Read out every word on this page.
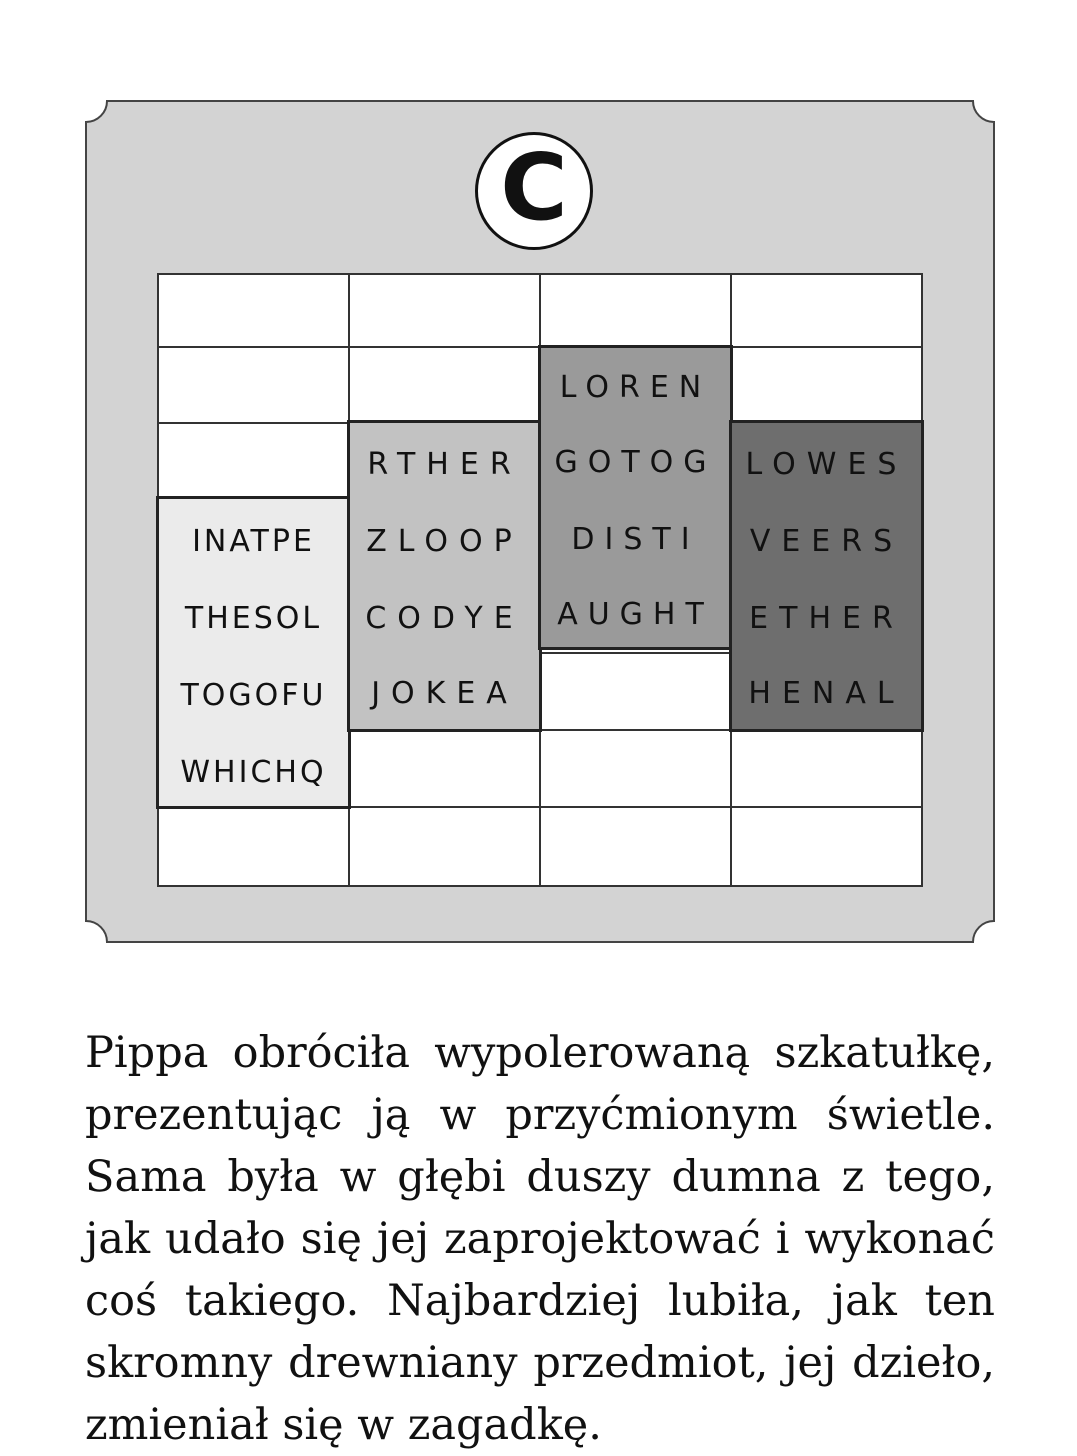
C
INATPE
THESOL
TOGOFU
WHICHQ
RTHER
ZLOOP
CODYE
JOKEA
LOREN
GOTOG
DISTI
AUGHT
LOWES
VEERS
ETHER
HENAL

Pippa obróciła wypolerowaną szkatułkę, prezentując ją w przyćmionym świetle. Sama była w głębi duszy dumna z tego, jak udało się jej zaprojektować i wykonać coś takiego. Najbardziej lubiła, jak ten skromny drewniany przedmiot, jej dzieło, zmieniał się w zagadkę.
